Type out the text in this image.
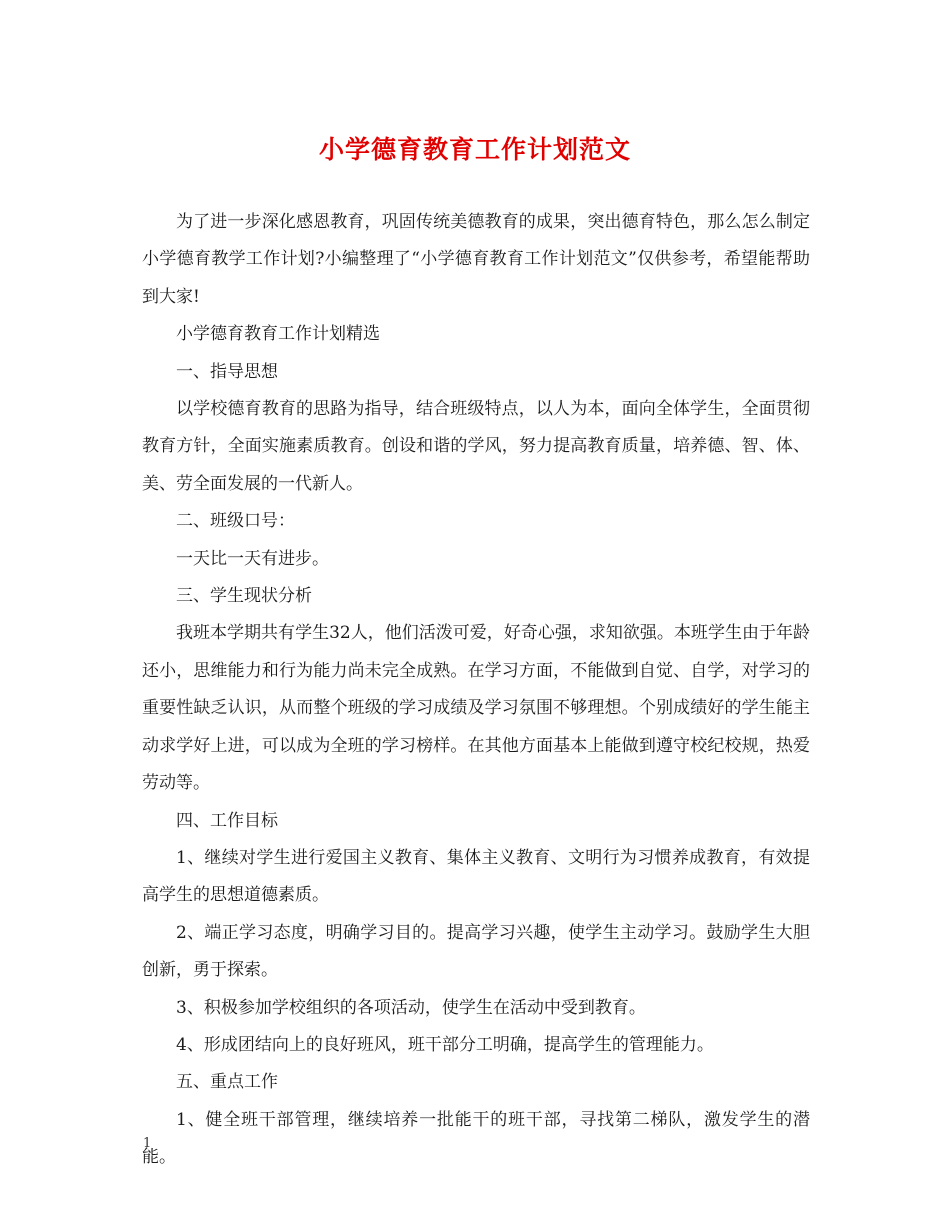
小学德育教育工作计划范文

为了进一步深化感恩教育，巩固传统美德教育的成果，突出德育特色，那么怎么制定小学德育教学工作计划?小编整理了“小学德育教育工作计划范文”仅供参考，希望能帮助到大家!

小学德育教育工作计划精选

一、指导思想

以学校德育教育的思路为指导，结合班级特点，以人为本，面向全体学生，全面贯彻教育方针，全面实施素质教育。创设和谐的学风，努力提高教育质量，培养德、智、体、美、劳全面发展的一代新人。

二、班级口号：

一天比一天有进步。

三、学生现状分析

我班本学期共有学生32人，他们活泼可爱，好奇心强，求知欲强。本班学生由于年龄还小，思维能力和行为能力尚未完全成熟。在学习方面，不能做到自觉、自学，对学习的重要性缺乏认识，从而整个班级的学习成绩及学习氛围不够理想。个别成绩好的学生能主动求学好上进，可以成为全班的学习榜样。在其他方面基本上能做到遵守校纪校规，热爱劳动等。

四、工作目标

1、继续对学生进行爱国主义教育、集体主义教育、文明行为习惯养成教育，有效提高学生的思想道德素质。

2、端正学习态度，明确学习目的。提高学习兴趣，使学生主动学习。鼓励学生大胆创新，勇于探索。

3、积极参加学校组织的各项活动，使学生在活动中受到教育。

4、形成团结向上的良好班风，班干部分工明确，提高学生的管理能力。

五、重点工作

1、健全班干部管理，继续培养一批能干的班干部，寻找第二梯队，激发学生的潜能。

1
